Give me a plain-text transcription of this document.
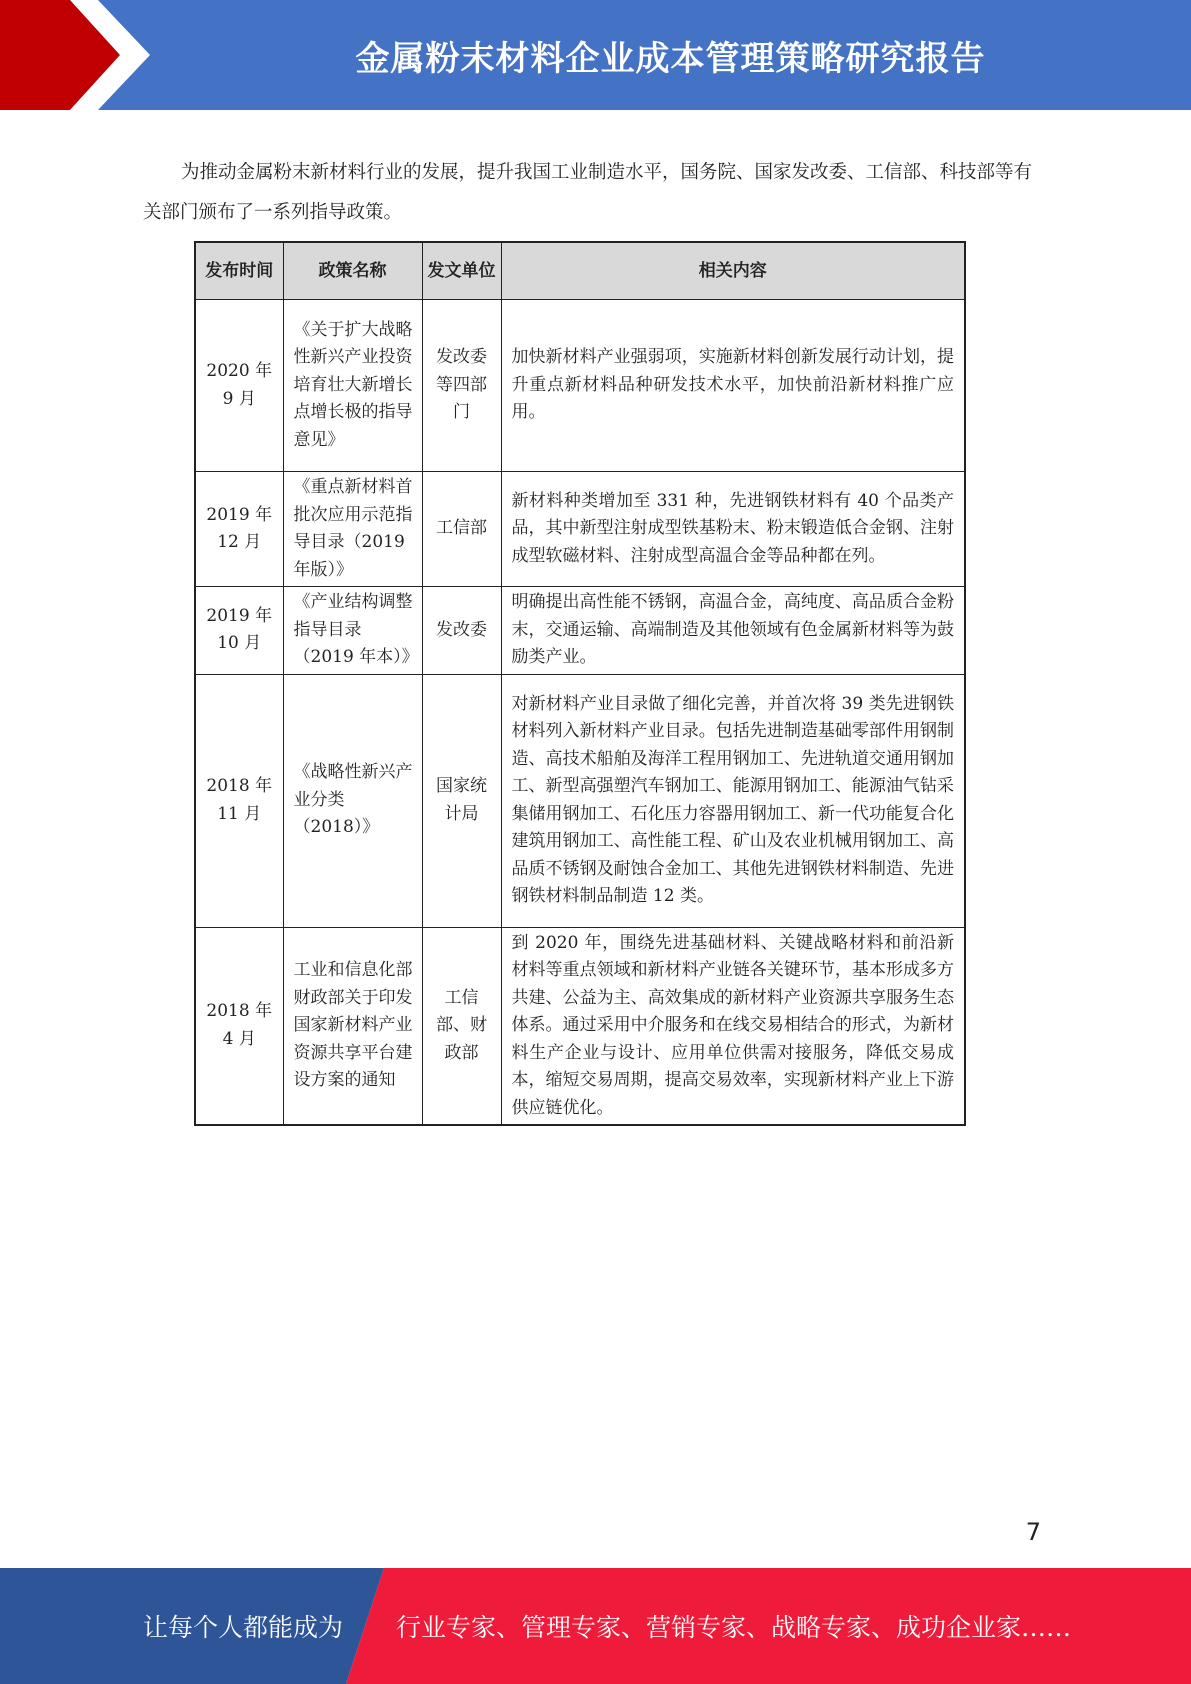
金属粉末材料企业成本管理策略研究报告

为推动金属粉末新材料行业的发展，提升我国工业制造水平，国务院、国家发改委、工信部、科技部等有关部门颁布了一系列指导政策。

发布时间	政策名称	发文单位	相关内容
2020 年 9 月	《关于扩大战略性新兴产业投资培育壮大新增长点增长极的指导意见》	发改委等四部门	加快新材料产业强弱项，实施新材料创新发展行动计划，提升重点新材料品种研发技术水平，加快前沿新材料推广应用。
2019 年 12 月	《重点新材料首批次应用示范指导目录（2019 年版）》	工信部	新材料种类增加至 331 种，先进钢铁材料有 40 个品类产品，其中新型注射成型铁基粉末、粉末锻造低合金钢、注射成型软磁材料、注射成型高温合金等品种都在列。
2019 年 10 月	《产业结构调整指导目录（2019 年本）》	发改委	明确提出高性能不锈钢，高温合金，高纯度、高品质合金粉末，交通运输、高端制造及其他领域有色金属新材料等为鼓励类产业。
2018 年 11 月	《战略性新兴产业分类（2018）》	国家统计局	对新材料产业目录做了细化完善，并首次将 39 类先进钢铁材料列入新材料产业目录。包括先进制造基础零部件用钢制造、高技术船舶及海洋工程用钢加工、先进轨道交通用钢加工、新型高强塑汽车钢加工、能源用钢加工、能源油气钻采集储用钢加工、石化压力容器用钢加工、新一代功能复合化建筑用钢加工、高性能工程、矿山及农业机械用钢加工、高品质不锈钢及耐蚀合金加工、其他先进钢铁材料制造、先进钢铁材料制品制造 12 类。
2018 年 4 月	工业和信息化部财政部关于印发国家新材料产业资源共享平台建设方案的通知	工信部、财政部	到 2020 年，围绕先进基础材料、关键战略材料和前沿新材料等重点领域和新材料产业链各关键环节，基本形成多方共建、公益为主、高效集成的新材料产业资源共享服务生态体系。通过采用中介服务和在线交易相结合的形式，为新材料生产企业与设计、应用单位供需对接服务，降低交易成本，缩短交易周期，提高交易效率，实现新材料产业上下游供应链优化。
7
让每个人都能成为 行业专家、管理专家、营销专家、战略专家、成功企业家……
